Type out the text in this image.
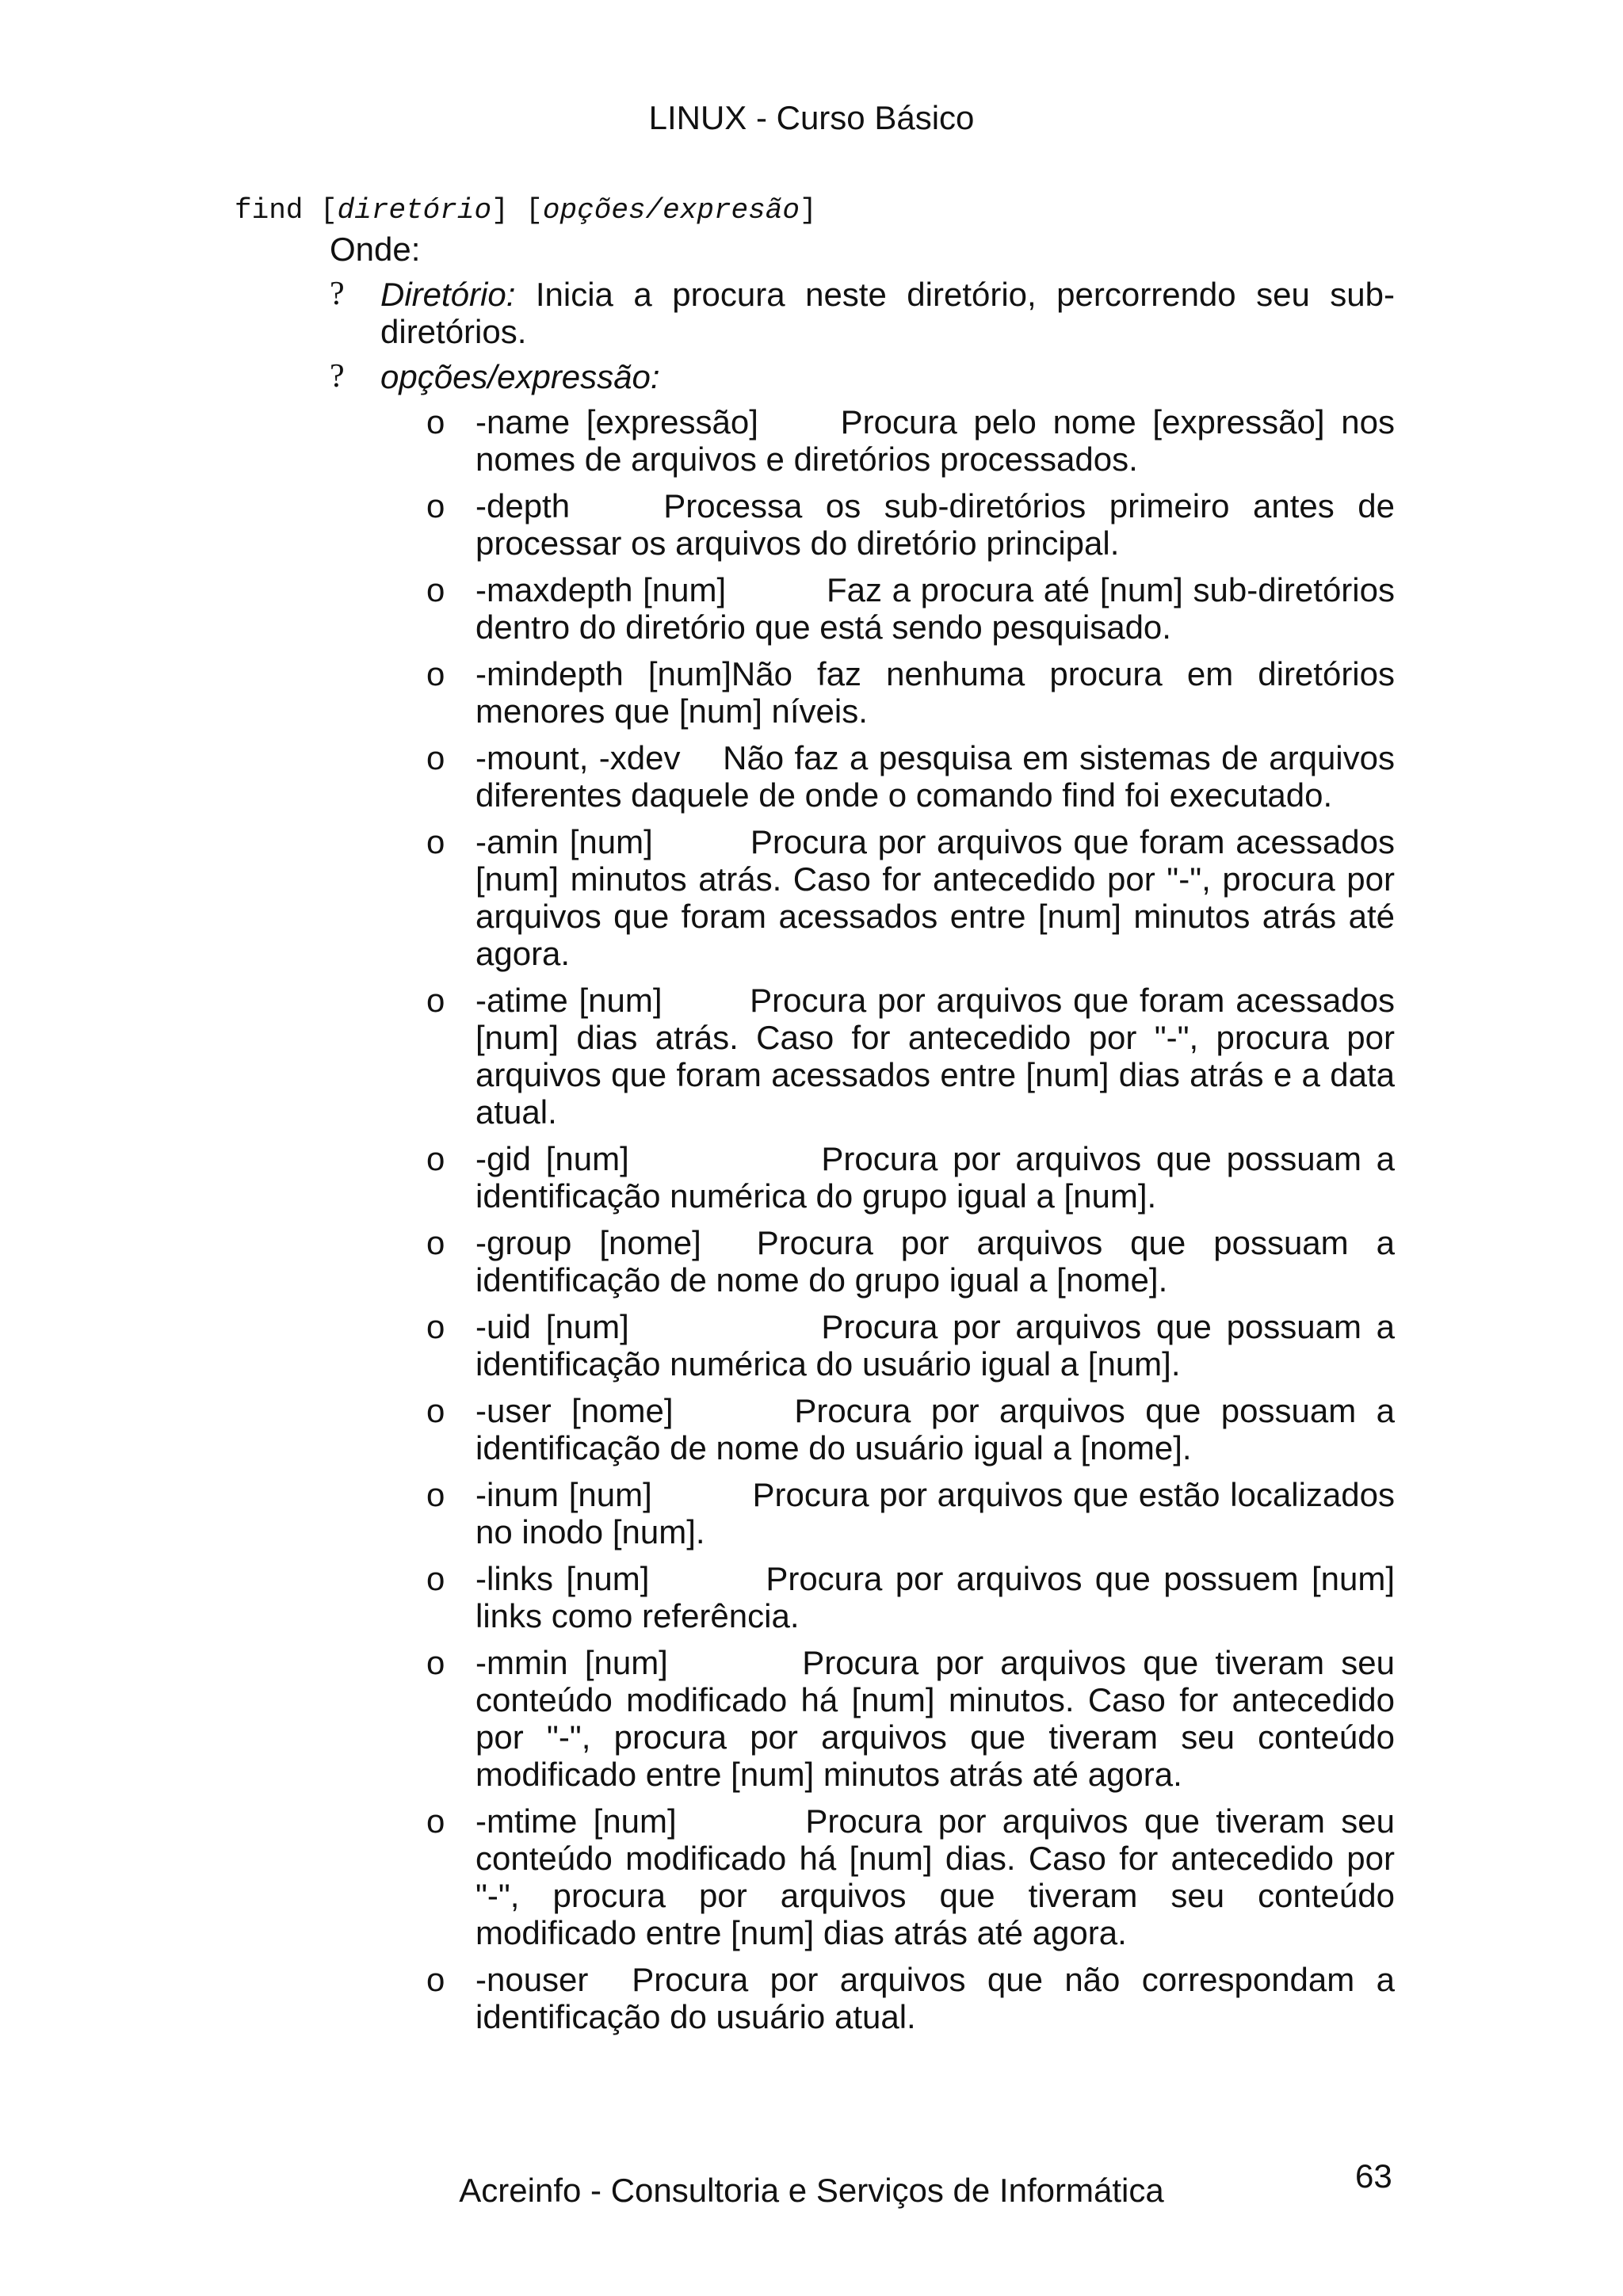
LINUX - Curso Básico
find [diretório] [opções/expresão]
Onde:
?	Diretório: Inicia a procura neste diretório, percorrendo seu sub-diretórios.
?	opções/expressão:
o -name [expressão] Procura pelo nome [expressão] nos nomes de arquivos e diretórios processados.
o -depth	Processa os sub-diretórios primeiro antes de processar os arquivos do diretório principal.
o -maxdepth [num]	Faz a procura até [num] sub-diretórios dentro do diretório que está sendo pesquisado.
o -mindepth [num]Não faz nenhuma procura em diretórios menores que [num] níveis.
o -mount, -xdev Não faz a pesquisa em sistemas de arquivos diferentes daquele de onde o comando find foi executado.
o -amin [num]	Procura por arquivos que foram acessados [num] minutos atrás. Caso for antecedido por "-", procura por arquivos que foram acessados entre [num] minutos atrás até agora.
o -atime [num]	Procura por arquivos que foram acessados [num] dias atrás. Caso for antecedido por "-", procura por arquivos que foram acessados entre [num] dias atrás e a data atual.
o -gid [num]	Procura por arquivos que possuam a identificação numérica do grupo igual a [num].
o -group [nome] Procura por arquivos que possuam a identificação de nome do grupo igual a [nome].
o -uid [num]	Procura por arquivos que possuam a identificação numérica do usuário igual a [num].
o -user [nome]	Procura por arquivos que possuam a identificação de nome do usuário igual a [nome].
o -inum [num]	Procura por arquivos que estão localizados no inodo [num].
o -links [num]	Procura por arquivos que possuem [num] links como referência.
o -mmin [num]	Procura por arquivos que tiveram seu conteúdo modificado há [num] minutos. Caso for antecedido por "-", procura por arquivos que tiveram seu conteúdo modificado entre [num] minutos atrás até agora.
o -mtime [num]	Procura por arquivos que tiveram seu conteúdo modificado há [num] dias. Caso for antecedido por "-", procura por arquivos que tiveram seu conteúdo modificado entre [num] dias atrás até agora.
o -nouser Procura por arquivos que não correspondam a identificação do usuário atual.
Acreinfo - Consultoria e Serviços de Informática	63
